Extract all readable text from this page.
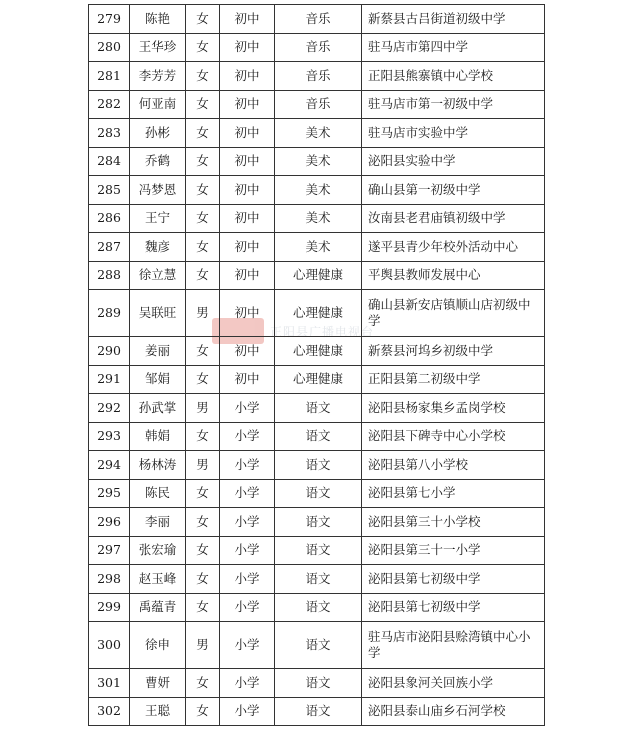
正阳县广播电视台
279	陈艳	女	初中	音乐	新蔡县古吕街道初级中学
280	王华珍	女	初中	音乐	驻马店市第四中学
281	李芳芳	女	初中	音乐	正阳县熊寨镇中心学校
282	何亚南	女	初中	音乐	驻马店市第一初级中学
283	孙彬	女	初中	美术	驻马店市实验中学
284	乔鹤	女	初中	美术	泌阳县实验中学
285	冯梦恩	女	初中	美术	确山县第一初级中学
286	王宁	女	初中	美术	汝南县老君庙镇初级中学
287	魏彦	女	初中	美术	遂平县青少年校外活动中心
288	徐立慧	女	初中	心理健康	平舆县教师发展中心
289	吴联旺	男	初中	心理健康	确山县新安店镇顺山店初级中学
290	姜丽	女	初中	心理健康	新蔡县河坞乡初级中学
291	邹娟	女	初中	心理健康	正阳县第二初级中学
292	孙武掌	男	小学	语文	泌阳县杨家集乡孟岗学校
293	韩娟	女	小学	语文	泌阳县下碑寺中心小学校
294	杨林涛	男	小学	语文	泌阳县第八小学校
295	陈民	女	小学	语文	泌阳县第七小学
296	李丽	女	小学	语文	泌阳县第三十小学校
297	张宏瑜	女	小学	语文	泌阳县第三十一小学
298	赵玉峰	女	小学	语文	泌阳县第七初级中学
299	禹蕴青	女	小学	语文	泌阳县第七初级中学
300	徐申	男	小学	语文	驻马店市泌阳县赊湾镇中心小学
301	曹妍	女	小学	语文	泌阳县象河关回族小学
302	王聪	女	小学	语文	泌阳县泰山庙乡石河学校
